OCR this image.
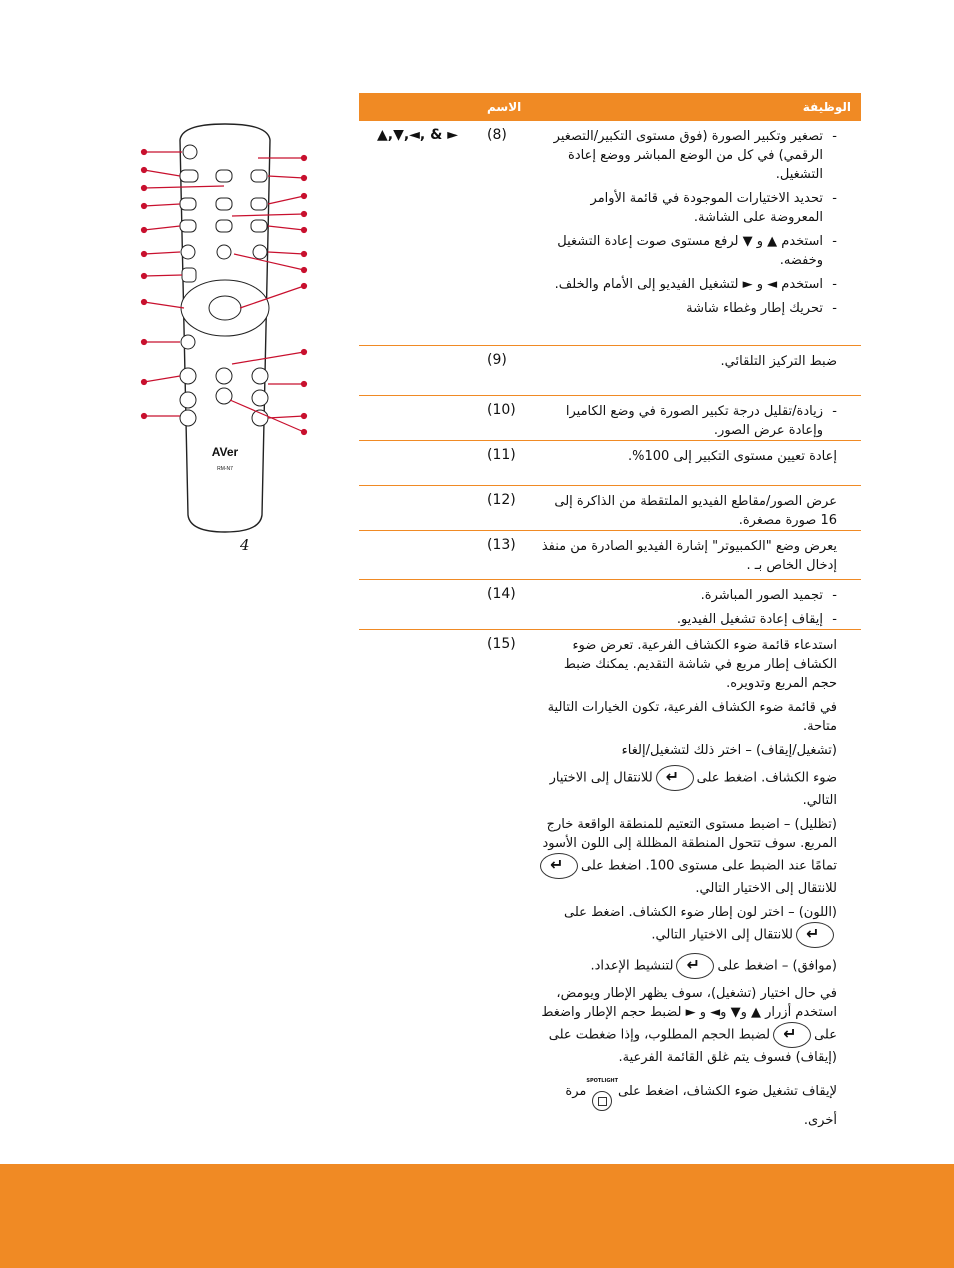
AVer
RM-N7
4
الوظيفة
الاسم

- تصغير وتكبير الصورة (فوق مستوى التكبير/التصغير الرقمي) في كل من الوضع المباشر ووضع إعادة التشغيل.

- تحديد الاختيارات الموجودة في قائمة الأوامر المعروضة على الشاشة.

- استخدم ▲ و ▼ لرفع مستوى صوت إعادة التشغيل وخفضه.

- استخدم ◄ و ► لتشغيل الفيديو إلى الأمام والخلف.

- تحريك إطار وغطاء شاشة

(8)
▲,▼,◄, & ►
ضبط التركيز التلقائي.
(9)

- زيادة/تقليل درجة تكبير الصورة في وضع الكاميرا وإعادة عرض الصور.

(10)
إعادة تعيين مستوى التكبير إلى 100%.
(11)
عرض الصور/مقاطع الفيديو الملتقطة من الذاكرة إلى 16 صورة مصغرة.
(12)
يعرض وضع "الكمبيوتر" إشارة الفيديو الصادرة من منفذ إدخال الخاص بـ .
(13)

- تجميد الصور المباشرة.

- إيقاف إعادة تشغيل الفيديو.

(14)

استدعاء قائمة ضوء الكشاف الفرعية. تعرض ضوء الكشاف إطار مربع في شاشة التقديم. يمكنك ضبط حجم المربع وتدويره.

في قائمة ضوء الكشاف الفرعية، تكون الخيارات التالية متاحة.

(تشغيل/إيقاف) – اختر ذلك لتشغيل/إلغاء

ضوء الكشاف. اضغط على↵للانتقال إلى الاختيار التالي.

(تظليل) – اضبط مستوى التعتيم للمنطقة الواقعة خارج المربع. سوف تتحول المنطقة المظللة إلى اللون الأسود تمامًا عند الضبط على مستوى 100. اضغط على↵للانتقال إلى الاختيار التالي.

(اللون) – اختر لون إطار ضوء الكشاف. اضغط على↵للانتقال إلى الاختيار التالي.

(موافق) – اضغط على↵لتنشيط الإعداد.

في حال اختيار (تشغيل)، سوف يظهر الإطار ويومض، استخدم أزرار ▲ و▼ و◄ و ► لضبط حجم الإطار واضغط على↵لضبط الحجم المطلوب، وإذا ضغطت على (إيقاف) فسوف يتم غلق القائمة الفرعية.

لإيقاف تشغيل ضوء الكشاف، اضغط على
SPOTLIGHT
مرة أخرى.

(15)
